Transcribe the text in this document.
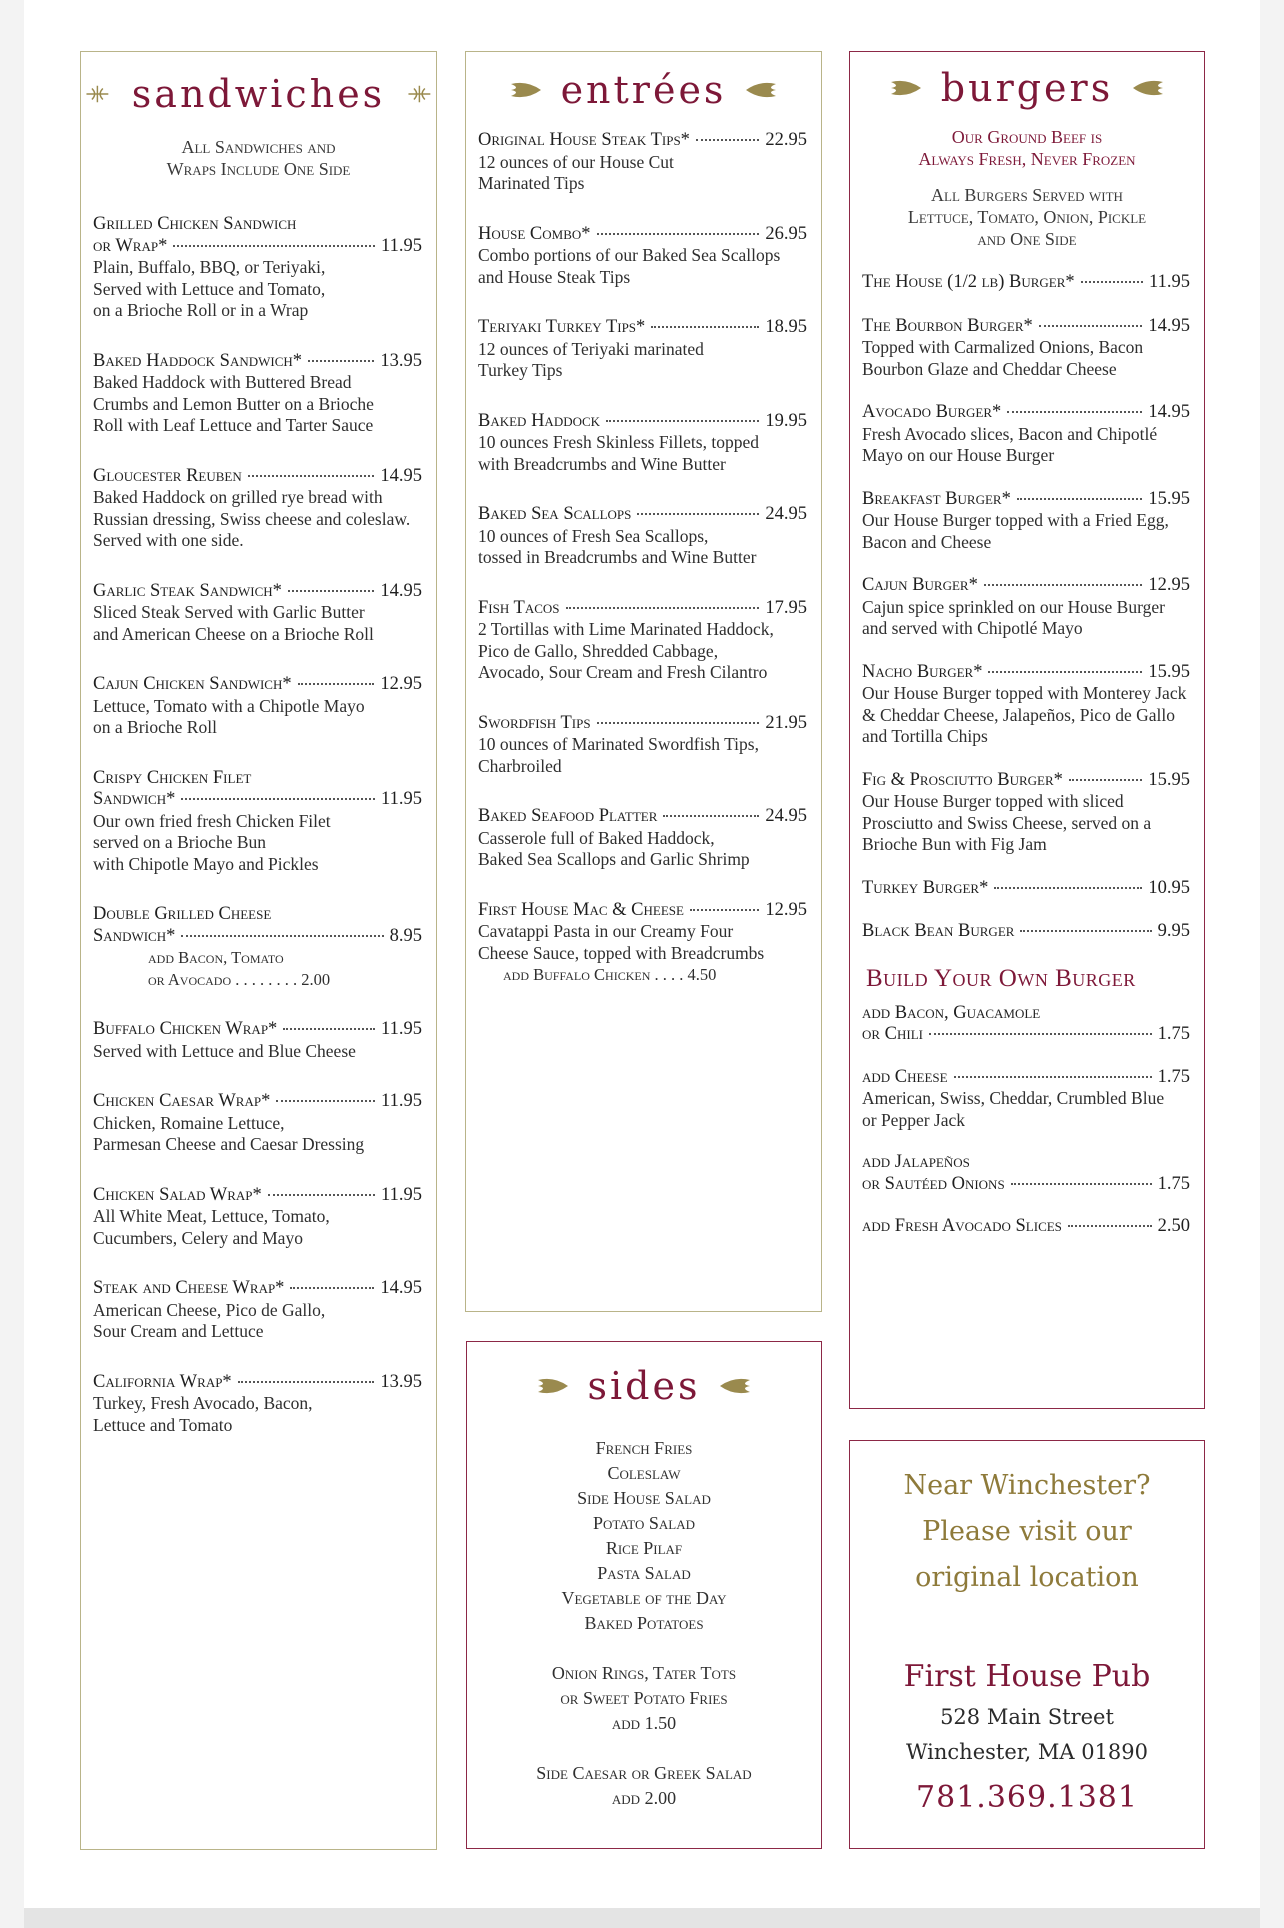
sandwiches
All Sandwiches and
Wraps Include One Side
Grilled Chicken Sandwich
or Wrap*	11.95
Plain, Buffalo, BBQ, or Teriyaki,
Served with Lettuce and Tomato,
on a Brioche Roll or in a Wrap
Baked Haddock Sandwich*	13.95
Baked Haddock with Buttered Bread
Crumbs and Lemon Butter on a Brioche
Roll with Leaf Lettuce and Tarter Sauce
Gloucester Reuben	14.95
Baked Haddock on grilled rye bread with
Russian dressing, Swiss cheese and coleslaw.
Served with one side.
Garlic Steak Sandwich*	14.95
Sliced Steak Served with Garlic Butter
and American Cheese on a Brioche Roll
Cajun Chicken Sandwich*	12.95
Lettuce, Tomato with a Chipotle Mayo
on a Brioche Roll
Crispy Chicken Filet
Sandwich*	11.95
Our own fried fresh Chicken Filet
served on a Brioche Bun
with Chipotle Mayo and Pickles
Double Grilled Cheese
Sandwich*	8.95
add Bacon, Tomato
or Avocado . . . . . . . . 2.00
Buffalo Chicken Wrap*	11.95
Served with Lettuce and Blue Cheese
Chicken Caesar Wrap*	11.95
Chicken, Romaine Lettuce,
Parmesan Cheese and Caesar Dressing
Chicken Salad Wrap*	11.95
All White Meat, Lettuce, Tomato,
Cucumbers, Celery and Mayo
Steak and Cheese Wrap*	14.95
American Cheese, Pico de Gallo,
Sour Cream and Lettuce
California Wrap*	13.95
Turkey, Fresh Avocado, Bacon,
Lettuce and Tomato
entrées
Original House Steak Tips*	22.95
12 ounces of our House Cut
Marinated Tips
House Combo*	26.95
Combo portions of our Baked Sea Scallops
and House Steak Tips
Teriyaki Turkey Tips*	18.95
12 ounces of Teriyaki marinated
Turkey Tips
Baked Haddock	19.95
10 ounces Fresh Skinless Fillets, topped
with Breadcrumbs and Wine Butter
Baked Sea Scallops	24.95
10 ounces of Fresh Sea Scallops,
tossed in Breadcrumbs and Wine Butter
Fish Tacos	17.95
2 Tortillas with Lime Marinated Haddock,
Pico de Gallo, Shredded Cabbage,
Avocado, Sour Cream and Fresh Cilantro
Swordfish Tips	21.95
10 ounces of Marinated Swordfish Tips,
Charbroiled
Baked Seafood Platter	24.95
Casserole full of Baked Haddock,
Baked Sea Scallops and Garlic Shrimp
First House Mac & Cheese	12.95
Cavatappi Pasta in our Creamy Four
Cheese Sauce, topped with Breadcrumbs
add Buffalo Chicken . . . . 4.50
burgers
Our Ground Beef is
Always Fresh, Never Frozen
All Burgers Served with
Lettuce, Tomato, Onion, Pickle
and One Side
The House (1/2 lb) Burger*	11.95
The Bourbon Burger*	14.95
Topped with Carmalized Onions, Bacon
Bourbon Glaze and Cheddar Cheese
Avocado Burger*	14.95
Fresh Avocado slices, Bacon and Chipotlé
Mayo on our House Burger
Breakfast Burger*	15.95
Our House Burger topped with a Fried Egg,
Bacon and Cheese
Cajun Burger*	12.95
Cajun spice sprinkled on our House Burger
and served with Chipotlé Mayo
Nacho Burger*	15.95
Our House Burger topped with Monterey Jack
& Cheddar Cheese, Jalapeños, Pico de Gallo
and Tortilla Chips
Fig & Prosciutto Burger*	15.95
Our House Burger topped with sliced
Prosciutto and Swiss Cheese, served on a
Brioche Bun with Fig Jam
Turkey Burger*	10.95
Black Bean Burger	9.95
Build Your Own Burger
add Bacon, Guacamole
or Chili	1.75
add Cheese	1.75
American, Swiss, Cheddar, Crumbled Blue
or Pepper Jack
add Jalapeños
or Sautéed Onions	1.75
add Fresh Avocado Slices	2.50
sides
French Fries
Coleslaw
Side House Salad
Potato Salad
Rice Pilaf
Pasta Salad
Vegetable of the Day
Baked Potatoes
Onion Rings, Tater Tots
or Sweet Potato Fries
add 1.50
Side Caesar or Greek Salad
add 2.00
Near Winchester?
Please visit our
original location
First House Pub
528 Main Street
Winchester, MA 01890
781.369.1381
